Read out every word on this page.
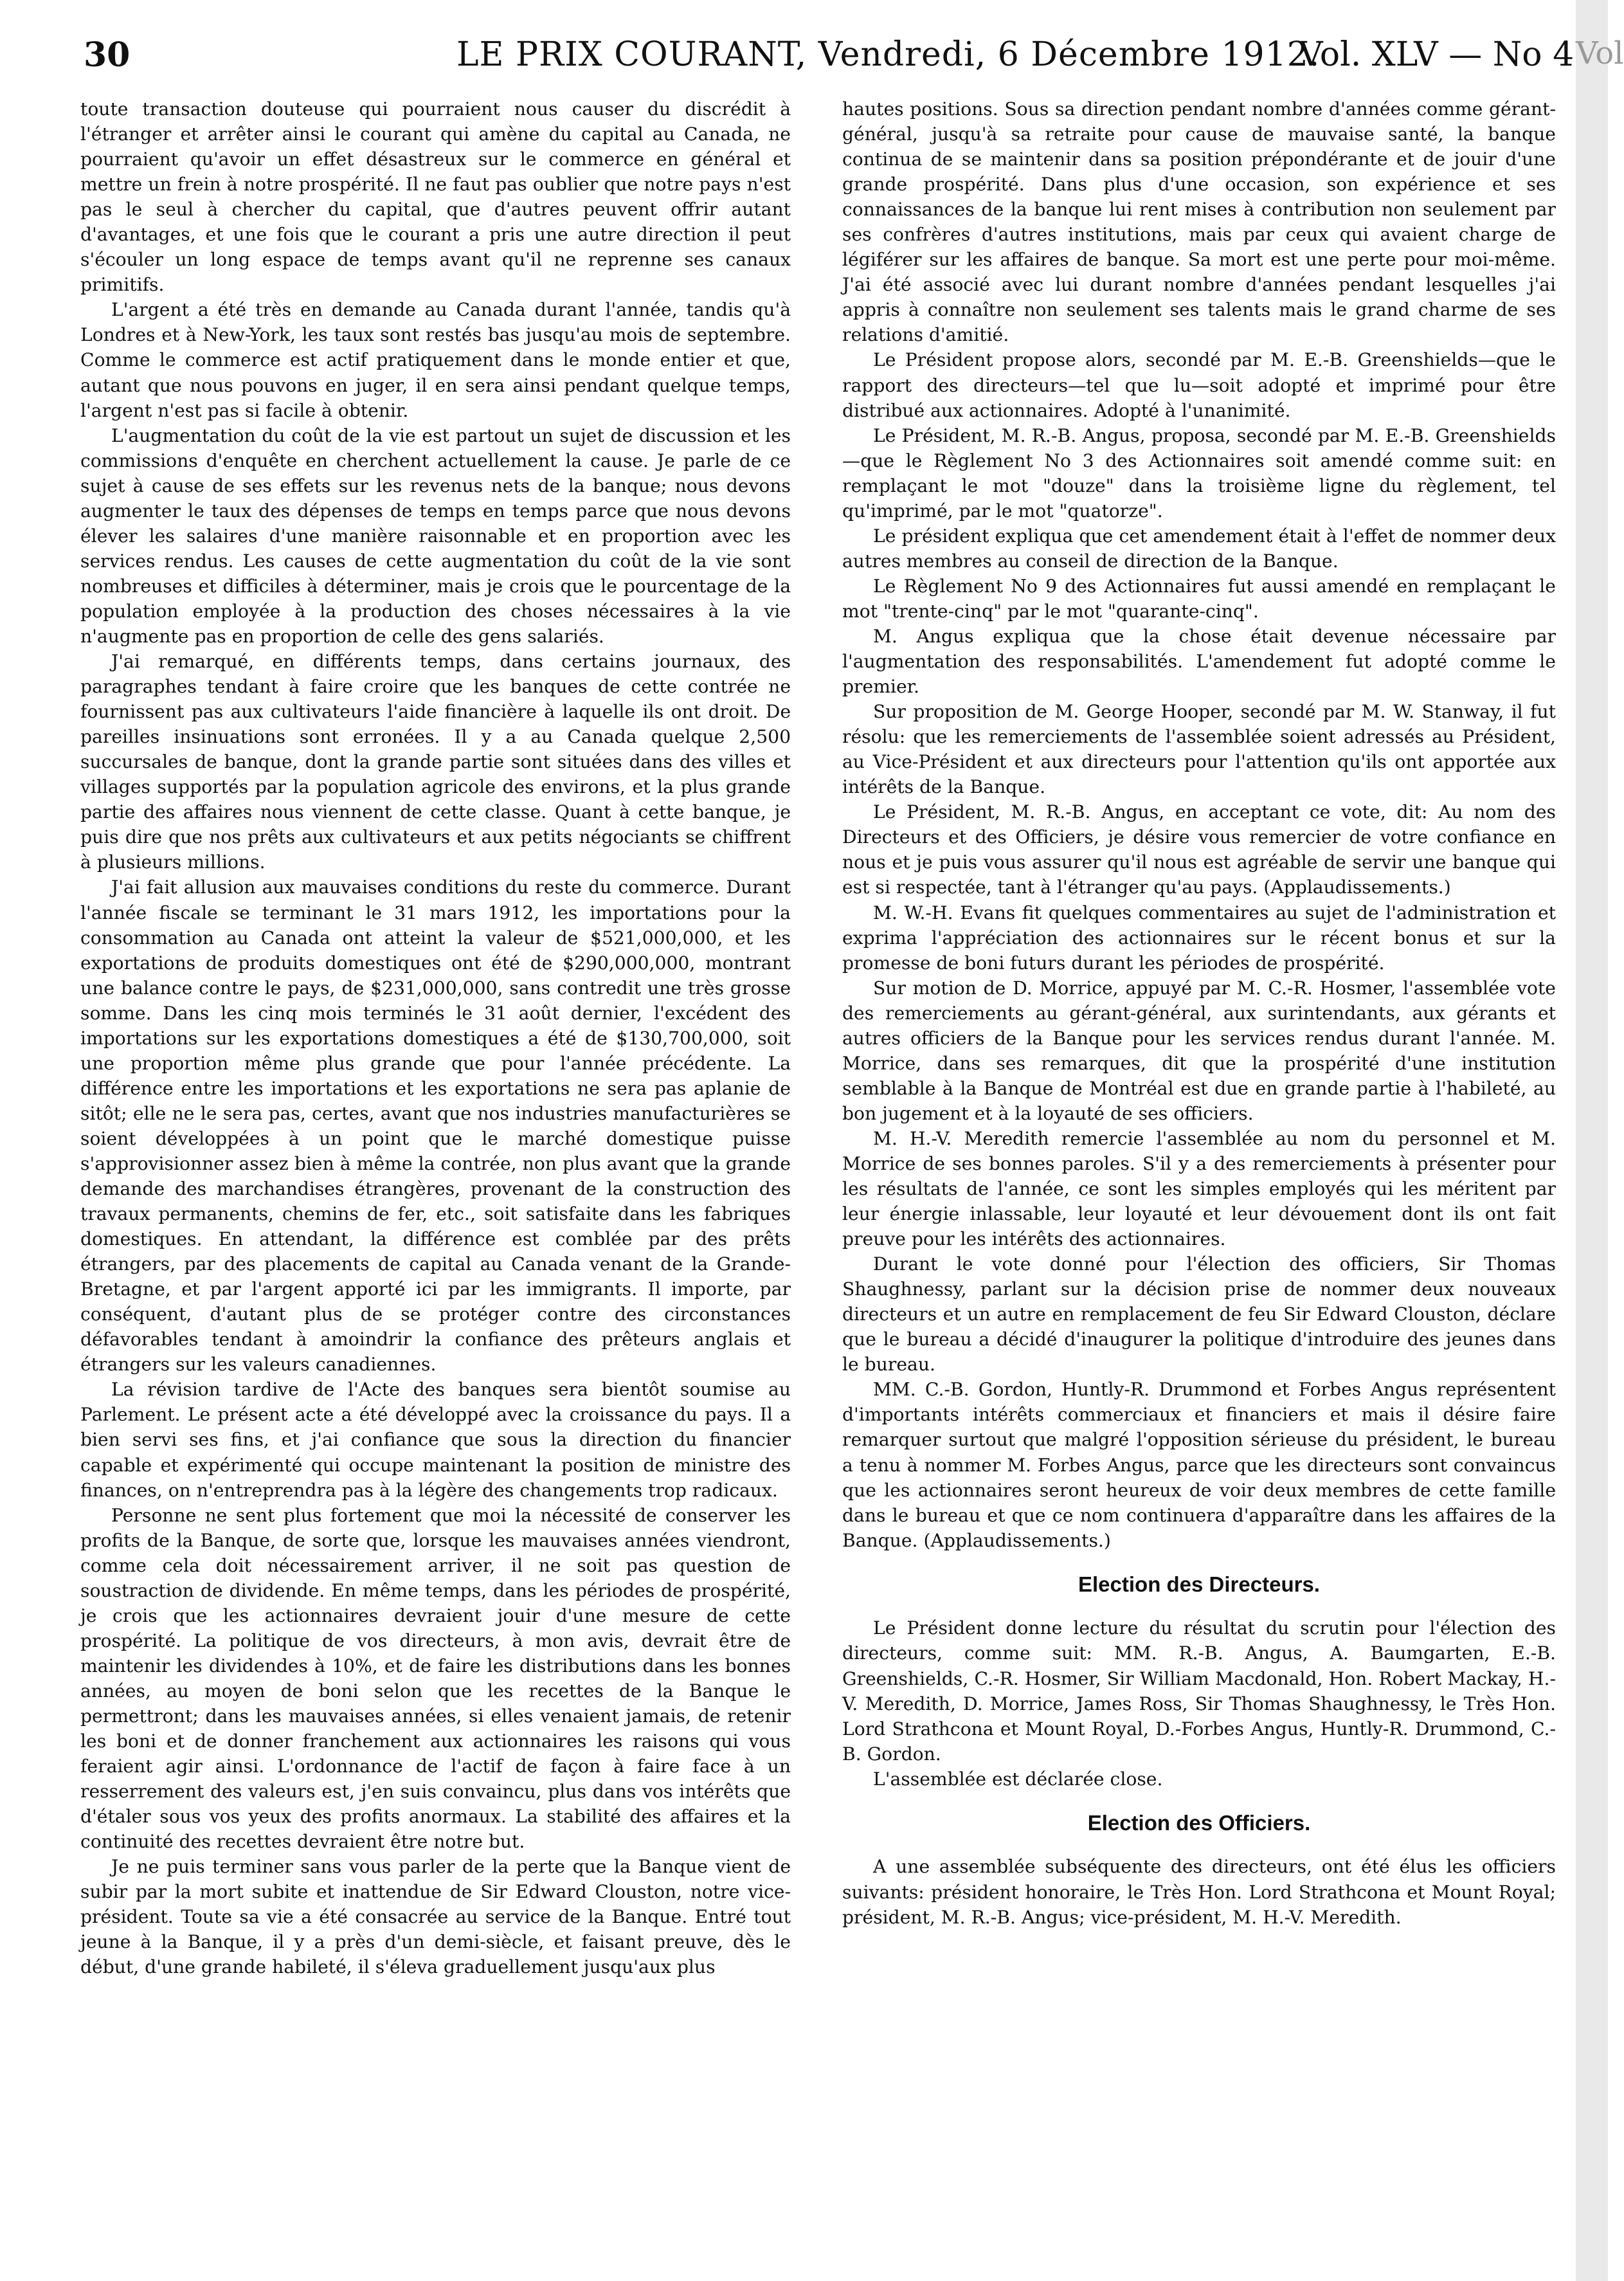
30	LE PRIX COURANT, Vendredi, 6 Décembre 1912.
Vol. XLV — No 4

toute transaction douteuse qui pourraient nous causer du discrédit à l'étranger et arrêter ainsi le courant qui amène du capital au Canada, ne pourraient qu'avoir un effet désastreux sur le commerce en général et mettre un frein à notre prospérité. Il ne faut pas oublier que notre pays n'est pas le seul à chercher du capital, que d'autres peuvent offrir autant d'avantages, et une fois que le courant a pris une autre direction il peut s'écouler un long espace de temps avant qu'il ne reprenne ses canaux primitifs.

L'argent a été très en demande au Canada durant l'année, tandis qu'à Londres et à New-York, les taux sont restés bas jusqu'au mois de septembre. Comme le commerce est actif pratiquement dans le monde entier et que, autant que nous pouvons en juger, il en sera ainsi pendant quelque temps, l'argent n'est pas si facile à obtenir.

L'augmentation du coût de la vie est partout un sujet de discussion et les commissions d'enquête en cherchent actuellement la cause. Je parle de ce sujet à cause de ses effets sur les revenus nets de la banque; nous devons augmenter le taux des dépenses de temps en temps parce que nous devons élever les salaires d'une manière raisonnable et en proportion avec les services rendus. Les causes de cette augmentation du coût de la vie sont nombreuses et difficiles à déterminer, mais je crois que le pourcentage de la population employée à la production des choses nécessaires à la vie n'augmente pas en proportion de celle des gens salariés.

J'ai remarqué, en différents temps, dans certains journaux, des paragraphes tendant à faire croire que les banques de cette contrée ne fournissent pas aux cultivateurs l'aide financière à laquelle ils ont droit. De pareilles insinuations sont erronées. Il y a au Canada quelque 2,500 succursales de banque, dont la grande partie sont situées dans des villes et villages supportés par la population agricole des environs, et la plus grande partie des affaires nous viennent de cette classe. Quant à cette banque, je puis dire que nos prêts aux cultivateurs et aux petits négociants se chiffrent à plusieurs millions.

J'ai fait allusion aux mauvaises conditions du reste du commerce. Durant l'année fiscale se terminant le 31 mars 1912, les importations pour la consommation au Canada ont atteint la valeur de $521,000,000, et les exportations de produits domestiques ont été de $290,000,000, montrant une balance contre le pays, de $231,000,000, sans contredit une très grosse somme. Dans les cinq mois terminés le 31 août dernier, l'excédent des importations sur les exportations domestiques a été de $130,700,000, soit une proportion même plus grande que pour l'année précédente. La différence entre les importations et les exportations ne sera pas aplanie de sitôt; elle ne le sera pas, certes, avant que nos industries manufacturières se soient développées à un point que le marché domestique puisse s'approvisionner assez bien à même la contrée, non plus avant que la grande demande des marchandises étrangères, provenant de la construction des travaux permanents, chemins de fer, etc., soit satisfaite dans les fabriques domestiques. En attendant, la différence est comblée par des prêts étrangers, par des placements de capital au Canada venant de la Grande-Bretagne, et par l'argent apporté ici par les immigrants. Il importe, par conséquent, d'autant plus de se protéger contre des circonstances défavorables tendant à amoindrir la confiance des prêteurs anglais et étrangers sur les valeurs canadiennes.

La révision tardive de l'Acte des banques sera bientôt soumise au Parlement. Le présent acte a été développé avec la croissance du pays. Il a bien servi ses fins, et j'ai confiance que sous la direction du financier capable et expérimenté qui occupe maintenant la position de ministre des finances, on n'entreprendra pas à la légère des changements trop radicaux.

Personne ne sent plus fortement que moi la nécessité de conserver les profits de la Banque, de sorte que, lorsque les mauvaises années viendront, comme cela doit nécessairement arriver, il ne soit pas question de soustraction de dividende. En même temps, dans les périodes de prospérité, je crois que les actionnaires devraient jouir d'une mesure de cette prospérité. La politique de vos directeurs, à mon avis, devrait être de maintenir les dividendes à 10%, et de faire les distributions dans les bonnes années, au moyen de boni selon que les recettes de la Banque le permettront; dans les mauvaises années, si elles venaient jamais, de retenir les boni et de donner franchement aux actionnaires les raisons qui vous feraient agir ainsi. L'ordonnance de l'actif de façon à faire face à un resserrement des valeurs est, j'en suis convaincu, plus dans vos intérêts que d'étaler sous vos yeux des profits anormaux. La stabilité des affaires et la continuité des recettes devraient être notre but.

Je ne puis terminer sans vous parler de la perte que la Banque vient de subir par la mort subite et inattendue de Sir Edward Clouston, notre vice-président. Toute sa vie a été consacrée au service de la Banque. Entré tout jeune à la Banque, il y a près d'un demi-siècle, et faisant preuve, dès le début, d'une grande habileté, il s'éleva graduellement jusqu'aux plus

hautes positions. Sous sa direction pendant nombre d'années comme gérant-général, jusqu'à sa retraite pour cause de mauvaise santé, la banque continua de se maintenir dans sa position prépondérante et de jouir d'une grande prospérité. Dans plus d'une occasion, son expérience et ses connaissances de la banque lui rent mises à contribution non seulement par ses confrères d'autres institutions, mais par ceux qui avaient charge de légiférer sur les affaires de banque. Sa mort est une perte pour moi-même. J'ai été associé avec lui durant nombre d'années pendant lesquelles j'ai appris à connaître non seulement ses talents mais le grand charme de ses relations d'amitié.

Le Président propose alors, secondé par M. E.-B. Greenshields—que le rapport des directeurs—tel que lu—soit adopté et imprimé pour être distribué aux actionnaires. Adopté à l'unanimité.

Le Président, M. R.-B. Angus, proposa, secondé par M. E.-B. Greenshields—que le Règlement No 3 des Actionnaires soit amendé comme suit: en remplaçant le mot "douze" dans la troisième ligne du règlement, tel qu'imprimé, par le mot "quatorze".

Le président expliqua que cet amendement était à l'effet de nommer deux autres membres au conseil de direction de la Banque.

Le Règlement No 9 des Actionnaires fut aussi amendé en remplaçant le mot "trente-cinq" par le mot "quarante-cinq".

M. Angus expliqua que la chose était devenue nécessaire par l'augmentation des responsabilités. L'amendement fut adopté comme le premier.

Sur proposition de M. George Hooper, secondé par M. W. Stanway, il fut résolu: que les remerciements de l'assemblée soient adressés au Président, au Vice-Président et aux directeurs pour l'attention qu'ils ont apportée aux intérêts de la Banque.

Le Président, M. R.-B. Angus, en acceptant ce vote, dit: Au nom des Directeurs et des Officiers, je désire vous remercier de votre confiance en nous et je puis vous assurer qu'il nous est agréable de servir une banque qui est si respectée, tant à l'étranger qu'au pays. (Applaudissements.)

M. W.-H. Evans fit quelques commentaires au sujet de l'administration et exprima l'appréciation des actionnaires sur le récent bonus et sur la promesse de boni futurs durant les périodes de prospérité.

Sur motion de D. Morrice, appuyé par M. C.-R. Hosmer, l'assemblée vote des remerciements au gérant-général, aux surintendants, aux gérants et autres officiers de la Banque pour les services rendus durant l'année. M. Morrice, dans ses remarques, dit que la prospérité d'une institution semblable à la Banque de Montréal est due en grande partie à l'habileté, au bon jugement et à la loyauté de ses officiers.

M. H.-V. Meredith remercie l'assemblée au nom du personnel et M. Morrice de ses bonnes paroles. S'il y a des remerciements à présenter pour les résultats de l'année, ce sont les simples employés qui les méritent par leur énergie inlassable, leur loyauté et leur dévouement dont ils ont fait preuve pour les intérêts des actionnaires.

Durant le vote donné pour l'élection des officiers, Sir Thomas Shaughnessy, parlant sur la décision prise de nommer deux nouveaux directeurs et un autre en remplacement de feu Sir Edward Clouston, déclare que le bureau a décidé d'inaugurer la politique d'introduire des jeunes dans le bureau.

MM. C.-B. Gordon, Huntly-R. Drummond et Forbes Angus représentent d'importants intérêts commerciaux et financiers et mais il désire faire remarquer surtout que malgré l'opposition sérieuse du président, le bureau a tenu à nommer M. Forbes Angus, parce que les directeurs sont convaincus que les actionnaires seront heureux de voir deux membres de cette famille dans le bureau et que ce nom continuera d'apparaître dans les affaires de la Banque. (Applaudissements.)

Election des Directeurs.

Le Président donne lecture du résultat du scrutin pour l'élection des directeurs, comme suit: MM. R.-B. Angus, A. Baumgarten, E.-B. Greenshields, C.-R. Hosmer, Sir William Macdonald, Hon. Robert Mackay, H.-V. Meredith, D. Morrice, James Ross, Sir Thomas Shaughnessy, le Très Hon. Lord Strathcona et Mount Royal, D.-Forbes Angus, Huntly-R. Drummond, C.-B. Gordon.

L'assemblée est déclarée close.

Election des Officiers.

A une assemblée subséquente des directeurs, ont été élus les officiers suivants: président honoraire, le Très Hon. Lord Strathcona et Mount Royal; président, M. R.-B. Angus; vice-président, M. H.-V. Meredith.

Vol
